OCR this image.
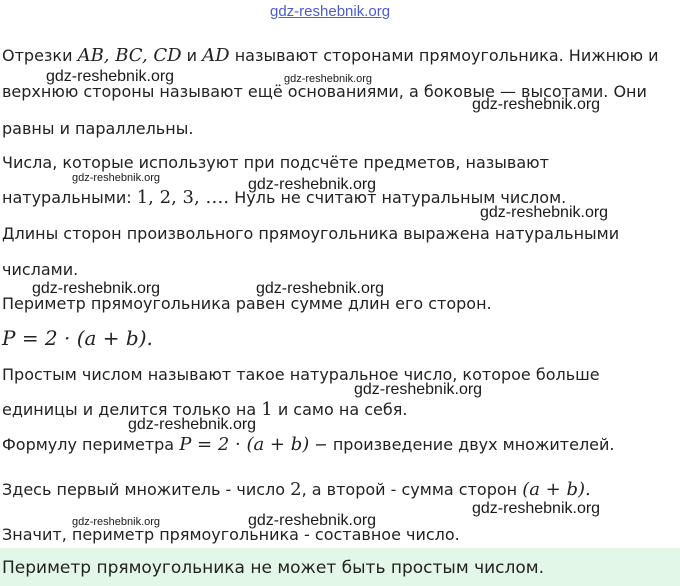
gdz-reshebnik.org
Отрезки AB, BC, CD и AD называют сторонами прямоугольника. Нижнюю и
верхнюю стороны называют ещё основаниями, а боковые — высотами. Они
равны и параллельны.
Числа, которые используют при подсчёте предметов, называют
натуральными: 1, 2, 3, …. Нуль не считают натуральным числом.
Длины сторон произвольного прямоугольника выражена натуральными
числами.
Периметр прямоугольника равен сумме длин его сторон.
P = 2 · (a + b).
Простым числом называют такое натуральное число, которое больше
единицы и делится только на 1 и само на себя.
Формулу периметра P = 2 · (a + b) − произведение двух множителей.
Здесь первый множитель - число 2, а второй - сумма сторон (a + b).
Значит, периметр прямоугольника - составное число.
Периметр прямоугольника не может быть простым числом.
gdz-reshebnik.org	gdz-reshebnik.org
gdz-reshebnik.org
gdz-reshebnik.org	gdz-reshebnik.org
gdz-reshebnik.org
gdz-reshebnik.org	gdz-reshebnik.org
gdz-reshebnik.org
gdz-reshebnik.org
gdz-reshebnik.org
gdz-reshebnik.org	gdz-reshebnik.org
